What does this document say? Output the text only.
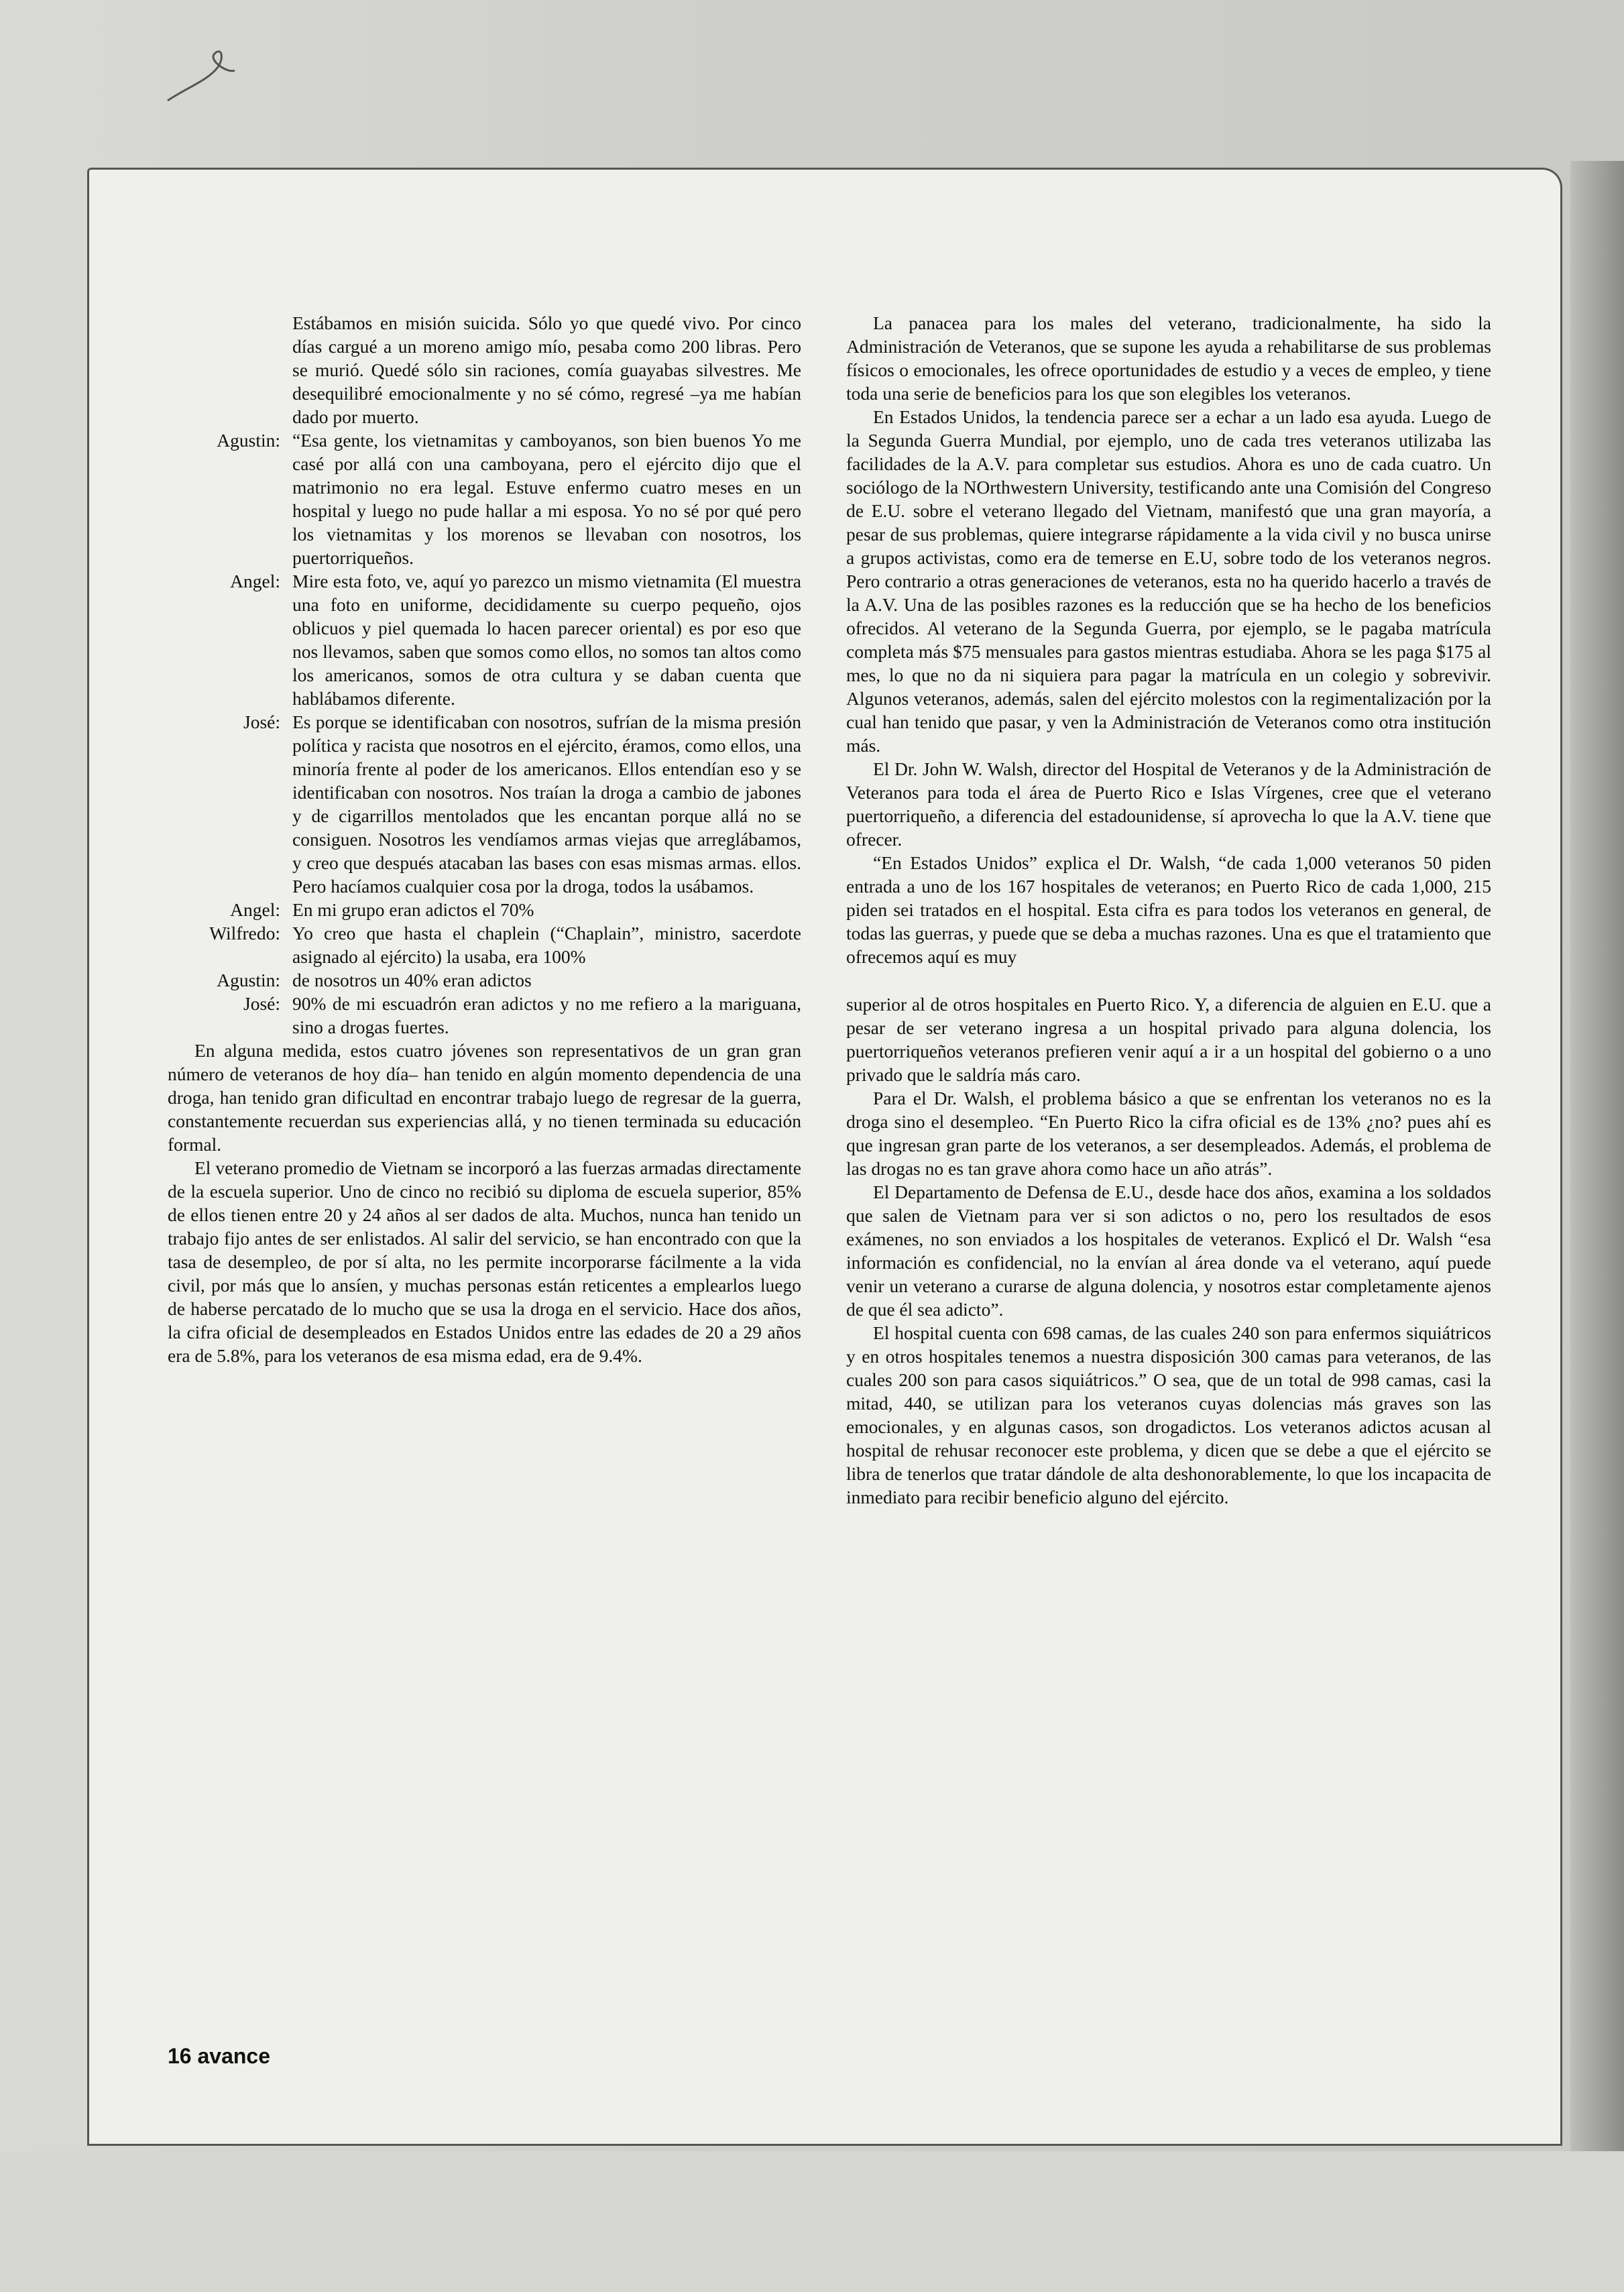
Estábamos en misión suicida. Sólo yo que quedé vivo. Por cinco días cargué a un moreno amigo mío, pesaba como 200 libras. Pero se murió. Quedé sólo sin raciones, comía guayabas silvestres. Me desequilibré emocionalmente y no sé cómo, regresé –ya me habían dado por muerto.

Agustin: “Esa gente, los vietnamitas y camboyanos, son bien buenos Yo me casé por allá con una camboyana, pero el ejército dijo que el matrimonio no era legal. Estuve enfermo cuatro meses en un hospital y luego no pude hallar a mi esposa. Yo no sé por qué pero los vietnamitas y los morenos se llevaban con nosotros, los puertorriqueños.

Angel: Mire esta foto, ve, aquí yo parezco un mismo vietnamita (El muestra una foto en uniforme, decididamente su cuerpo pequeño, ojos oblicuos y piel quemada lo hacen parecer oriental) es por eso que nos llevamos, saben que somos como ellos, no somos tan altos como los americanos, somos de otra cultura y se daban cuenta que hablábamos diferente.

José: Es porque se identificaban con nosotros, sufrían de la misma presión política y racista que nosotros en el ejército, éramos, como ellos, una minoría frente al poder de los americanos. Ellos entendían eso y se identificaban con nosotros. Nos traían la droga a cambio de jabones y de cigarrillos mentolados que les encantan porque allá no se consiguen. Nosotros les vendíamos armas viejas que arreglábamos, y creo que después atacaban las bases con esas mismas armas. ellos. Pero hacíamos cualquier cosa por la droga, todos la usábamos.

Angel: En mi grupo eran adictos el 70%

Wilfredo: Yo creo que hasta el chaplein (“Chaplain”, ministro, sacerdote asignado al ejército) la usaba, era 100%

Agustin: de nosotros un 40% eran adictos

José: 90% de mi escuadrón eran adictos y no me refiero a la mariguana, sino a drogas fuertes.

En alguna medida, estos cuatro jóvenes son representativos de un gran gran número de veteranos de hoy día– han tenido en algún momento dependencia de una droga, han tenido gran dificultad en encontrar trabajo luego de regresar de la guerra, constantemente recuerdan sus experiencias allá, y no tienen terminada su educación formal.

El veterano promedio de Vietnam se incorporó a las fuerzas armadas directamente de la escuela superior. Uno de cinco no recibió su diploma de escuela superior, 85% de ellos tienen entre 20 y 24 años al ser dados de alta. Muchos, nunca han tenido un trabajo fijo antes de ser enlistados. Al salir del servicio, se han encontrado con que la tasa de desempleo, de por sí alta, no les permite incorporarse fácilmente a la vida civil, por más que lo ansíen, y muchas personas están reticentes a emplearlos luego de haberse percatado de lo mucho que se usa la droga en el servicio. Hace dos años, la cifra oficial de desempleados en Estados Unidos entre las edades de 20 a 29 años era de 5.8%, para los veteranos de esa misma edad, era de 9.4%.

La panacea para los males del veterano, tradicionalmente, ha sido la Administración de Veteranos, que se supone les ayuda a rehabilitarse de sus problemas físicos o emocionales, les ofrece oportunidades de estudio y a veces de empleo, y tiene toda una serie de beneficios para los que son elegibles los veteranos.

En Estados Unidos, la tendencia parece ser a echar a un lado esa ayuda. Luego de la Segunda Guerra Mundial, por ejemplo, uno de cada tres veteranos utilizaba las facilidades de la A.V. para completar sus estudios. Ahora es uno de cada cuatro. Un sociólogo de la NOrthwestern University, testificando ante una Comisión del Congreso de E.U. sobre el veterano llegado del Vietnam, manifestó que una gran mayoría, a pesar de sus problemas, quiere integrarse rápidamente a la vida civil y no busca unirse a grupos activistas, como era de temerse en E.U, sobre todo de los veteranos negros. Pero contrario a otras generaciones de veteranos, esta no ha querido hacerlo a través de la A.V. Una de las posibles razones es la reducción que se ha hecho de los beneficios ofrecidos. Al veterano de la Segunda Guerra, por ejemplo, se le pagaba matrícula completa más $75 mensuales para gastos mientras estudiaba. Ahora se les paga $175 al mes, lo que no da ni siquiera para pagar la matrícula en un colegio y sobrevivir. Algunos veteranos, además, salen del ejército molestos con la regimentalización por la cual han tenido que pasar, y ven la Administración de Veteranos como otra institución más.

El Dr. John W. Walsh, director del Hospital de Veteranos y de la Administración de Veteranos para toda el área de Puerto Rico e Islas Vírgenes, cree que el veterano puertorriqueño, a diferencia del estadounidense, sí aprovecha lo que la A.V. tiene que ofrecer.

“En Estados Unidos” explica el Dr. Walsh, “de cada 1,000 veteranos 50 piden entrada a uno de los 167 hospitales de veteranos; en Puerto Rico de cada 1,000, 215 piden sei tratados en el hospital. Esta cifra es para todos los veteranos en general, de todas las guerras, y puede que se deba a muchas razones. Una es que el tratamiento que ofrecemos aquí es muy

superior al de otros hospitales en Puerto Rico. Y, a diferencia de alguien en E.U. que a pesar de ser veterano ingresa a un hospital privado para alguna dolencia, los puertorriqueños veteranos prefieren venir aquí a ir a un hospital del gobierno o a uno privado que le saldría más caro.

Para el Dr. Walsh, el problema básico a que se enfrentan los veteranos no es la droga sino el desempleo. “En Puerto Rico la cifra oficial es de 13% ¿no? pues ahí es que ingresan gran parte de los veteranos, a ser desempleados. Además, el problema de las drogas no es tan grave ahora como hace un año atrás”.

El Departamento de Defensa de E.U., desde hace dos años, examina a los soldados que salen de Vietnam para ver si son adictos o no, pero los resultados de esos exámenes, no son enviados a los hospitales de veteranos. Explicó el Dr. Walsh “esa información es confidencial, no la envían al área donde va el veterano, aquí puede venir un veterano a curarse de alguna dolencia, y nosotros estar completamente ajenos de que él sea adicto”.

El hospital cuenta con 698 camas, de las cuales 240 son para enfermos siquiátricos y en otros hospitales tenemos a nuestra disposición 300 camas para veteranos, de las cuales 200 son para casos siquiátricos.” O sea, que de un total de 998 camas, casi la mitad, 440, se utilizan para los veteranos cuyas dolencias más graves son las emocionales, y en algunas casos, son drogadictos. Los veteranos adictos acusan al hospital de rehusar reconocer este problema, y dicen que se debe a que el ejército se libra de tenerlos que tratar dándole de alta deshonorablemente, lo que los incapacita de inmediato para recibir beneficio alguno del ejército.

16 avance
